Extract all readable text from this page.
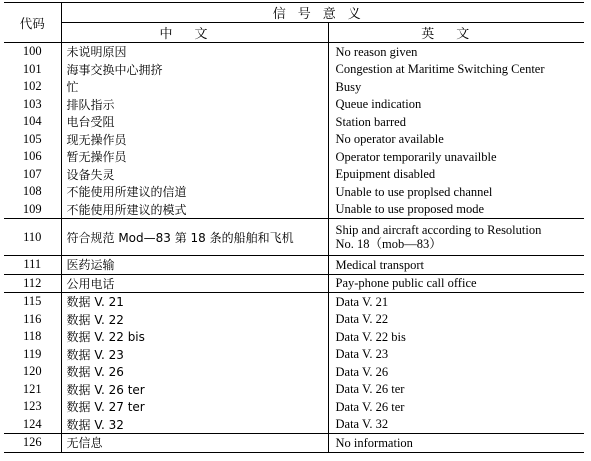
代码	信号意义	
	中文	英文
100	未说明原因	No reason given
101	海事交换中心拥挤	Congestion at Maritime Switching Center
102	忙	Busy
103	排队指示	Queue indication
104	电台受阻	Station barred
105	现无操作员	No operator available
106	暂无操作员	Operator temporarily unavailble
107	设备失灵	Epuipment disabled
108	不能使用所建议的信道	Unable to use proplsed channel
109	不能使用所建议的模式	Unable to use proposed mode
110	符合规范 Mod—83 第 18 条的船舶和飞机	Ship and aircraft according to Resolution
No. 18（mob—83）

111	医药运输	Medical transport
112	公用电话	Pay-phone public call office
115	数据 V. 21	Data V. 21
116	数据 V. 22	Data V. 22
118	数据 V. 22 bis	Data V. 22 bis
119	数据 V. 23	Data V. 23
120	数据 V. 26	Data V. 26
121	数据 V. 26 ter	Data V. 26 ter
123	数据 V. 27 ter	Data V. 26 ter
124	数据 V. 32	Data V. 32
126	无信息	No information
